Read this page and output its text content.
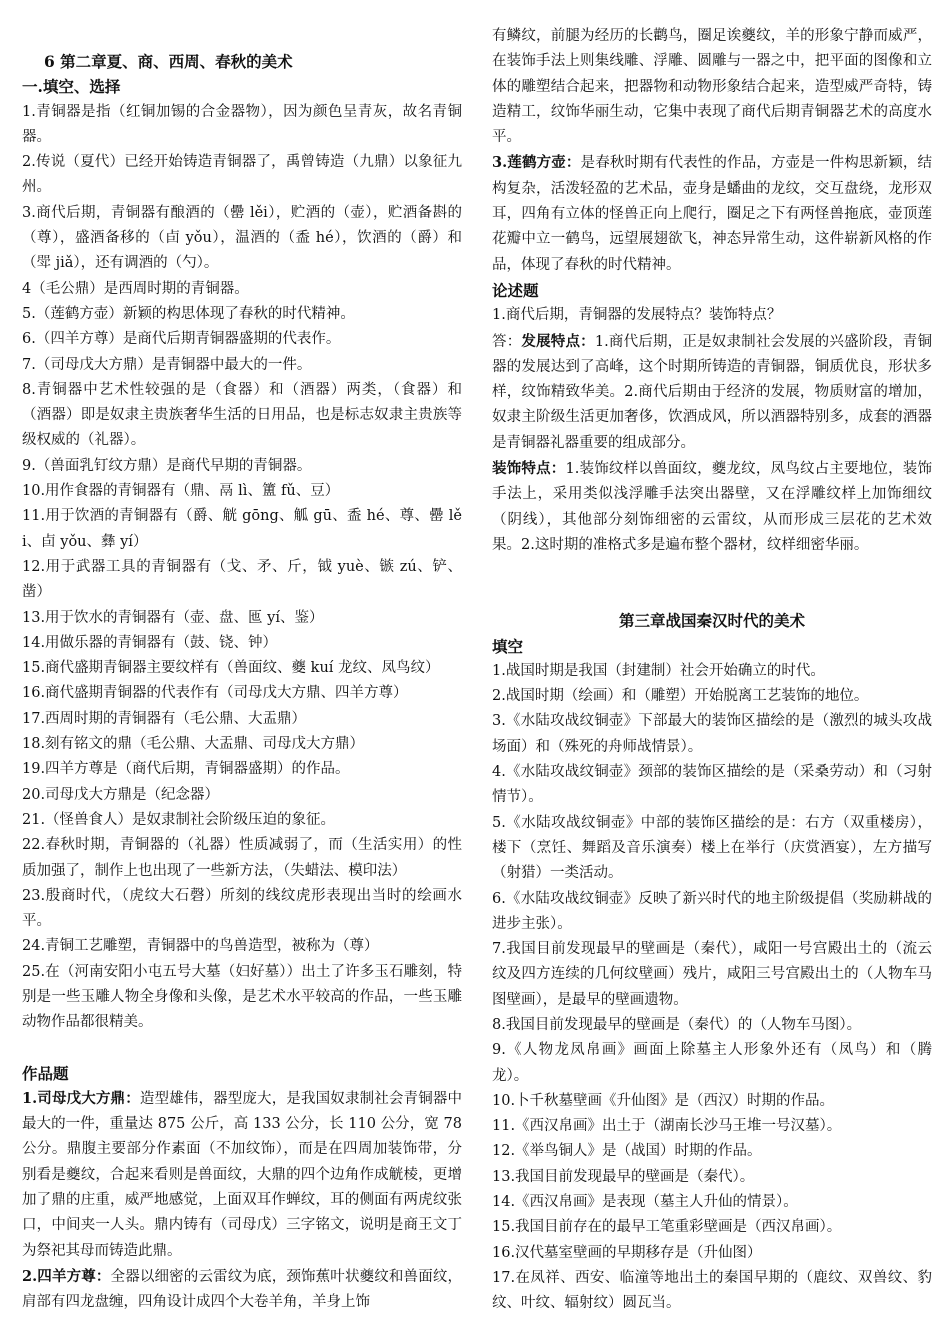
6 第二章夏、商、西周、春秋的美术

一.填空、选择

1.青铜器是指（红铜加锡的合金器物），因为颜色呈青灰，故名青铜器。

2.传说（夏代）已经开始铸造青铜器了，禹曾铸造（九鼎）以象征九州。

3.商代后期，青铜器有酿酒的（罍 lěi），贮酒的（壶），贮酒备斟的（尊），盛酒备移的（卣 yǒu），温酒的（盉 hé），饮酒的（爵）和（斝 jiǎ），还有调酒的（勺）。

4（毛公鼎）是西周时期的青铜器。

5.（莲鹤方壶）新颖的构思体现了春秋的时代精神。

6.（四羊方尊）是商代后期青铜器盛期的代表作。

7.（司母戊大方鼎）是青铜器中最大的一件。

8.青铜器中艺术性较强的是（食器）和（酒器）两类，（食器）和（酒器）即是奴隶主贵族奢华生活的日用品，也是标志奴隶主贵族等级权威的（礼器）。

9.（兽面乳钉纹方鼎）是商代早期的青铜器。

10.用作食器的青铜器有（鼎、鬲 lì、簠 fǔ、豆）

11.用于饮酒的青铜器有（爵、觥 gōng、觚 gū、盉 hé、尊、罍 lěi、卣 yǒu、彝 yí）

12.用于武器工具的青铜器有（戈、矛、斤，钺 yuè、镞 zú、铲、凿）

13.用于饮水的青铜器有（壶、盘、匜 yí、鉴）

14.用做乐器的青铜器有（鼓、铙、钟）

15.商代盛期青铜器主要纹样有（兽面纹、夔 kuí 龙纹、凤鸟纹）

16.商代盛期青铜器的代表作有（司母戊大方鼎、四羊方尊）

17.西周时期的青铜器有（毛公鼎、大盂鼎）

18.刻有铭文的鼎（毛公鼎、大盂鼎、司母戊大方鼎）

19.四羊方尊是（商代后期，青铜器盛期）的作品。

20.司母戊大方鼎是（纪念器）

21.（怪兽食人）是奴隶制社会阶级压迫的象征。

22.春秋时期，青铜器的（礼器）性质减弱了，而（生活实用）的性质加强了，制作上也出现了一些新方法，（失蜡法、模印法）

23.殷商时代，（虎纹大石磬）所刻的线纹虎形表现出当时的绘画水平。

24.青铜工艺雕塑，青铜器中的鸟兽造型，被称为（尊）

25.在（河南安阳小屯五号大墓（妇好墓））出土了许多玉石雕刻，特别是一些玉雕人物全身像和头像，是艺术水平较高的作品，一些玉雕动物作品都很精美。

作品题

1.司母戊大方鼎：造型雄伟，器型庞大，是我国奴隶制社会青铜器中最大的一件，重量达 875 公斤，高 133 公分，长 110 公分，宽 78 公分。鼎腹主要部分作素面（不加纹饰），而是在四周加装饰带，分别看是夔纹，合起来看则是兽面纹，大鼎的四个边角作成觥棱，更增加了鼎的庄重，威严地感觉，上面双耳作蝉纹，耳的侧面有两虎纹张口，中间夹一人头。鼎内铸有（司母戊）三字铭文，说明是商王文丁为祭祀其母而铸造此鼎。

2.四羊方尊：全器以细密的云雷纹为底，颈饰蕉叶状夔纹和兽面纹，肩部有四龙盘缠，四角设计成四个大卷羊角，羊身上饰

有鳞纹，前腿为经历的长鹳鸟，圈足诶夔纹，羊的形象宁静而威严，在装饰手法上则集线雕、浮雕、圆雕与一器之中，把平面的图像和立体的雕塑结合起来，把器物和动物形象结合起来，造型威严奇特，铸造精工，纹饰华丽生动，它集中表现了商代后期青铜器艺术的高度水平。

3.莲鹤方壶：是春秋时期有代表性的作品，方壶是一件构思新颖，结构复杂，活泼轻盈的艺术品，壶身是蟠曲的龙纹，交互盘绕，龙形双耳，四角有立体的怪兽正向上爬行，圈足之下有两怪兽拖底，壶顶莲花瓣中立一鹤鸟，远望展翅欲飞，神态异常生动，这件崭新风格的作品，体现了春秋的时代精神。

论述题

1.商代后期，青铜器的发展特点？装饰特点？

答：发展特点：1.商代后期，正是奴隶制社会发展的兴盛阶段，青铜器的发展达到了高峰，这个时期所铸造的青铜器，铜质优良，形状多样，纹饰精致华美。2.商代后期由于经济的发展，物质财富的增加，奴隶主阶级生活更加奢侈，饮酒成风，所以酒器特别多，成套的酒器是青铜器礼器重要的组成部分。

装饰特点：1.装饰纹样以兽面纹，夔龙纹，凤鸟纹占主要地位，装饰手法上，采用类似浅浮雕手法突出器壁，又在浮雕纹样上加饰细纹（阴线），其他部分刻饰细密的云雷纹，从而形成三层花的艺术效果。2.这时期的准格式多是遍布整个器材，纹样细密华丽。

第三章战国秦汉时代的美术

填空

1.战国时期是我国（封建制）社会开始确立的时代。

2.战国时期（绘画）和（雕塑）开始脱离工艺装饰的地位。

3.《水陆攻战纹铜壶》下部最大的装饰区描绘的是（激烈的城头攻战场面）和（殊死的舟师战情景）。

4.《水陆攻战纹铜壶》颈部的装饰区描绘的是（采桑劳动）和（习射情节）。

5.《水陆攻战纹铜壶》中部的装饰区描绘的是：右方（双重楼房），楼下（烹饪、舞蹈及音乐演奏）楼上在举行（庆赏酒宴），左方描写（射猎）一类活动。

6.《水陆攻战纹铜壶》反映了新兴时代的地主阶级提倡（奖励耕战的进步主张）。

7.我国目前发现最早的壁画是（秦代），咸阳一号宫殿出土的（流云纹及四方连续的几何纹壁画）残片，咸阳三号宫殿出土的（人物车马图壁画），是最早的壁画遗物。

8.我国目前发现最早的壁画是（秦代）的（人物车马图）。

9.《人物龙凤帛画》画面上除墓主人形象外还有（凤鸟）和（腾龙）。

10.卜千秋墓壁画《升仙图》是（西汉）时期的作品。

11.《西汉帛画》出土于（湖南长沙马王堆一号汉墓）。

12.《举鸟铜人》是（战国）时期的作品。

13.我国目前发现最早的壁画是（秦代）。

14.《西汉帛画》是表现（墓主人升仙的情景）。

15.我国目前存在的最早工笔重彩壁画是（西汉帛画）。

16.汉代墓室壁画的早期移存是（升仙图）

17.在凤祥、西安、临潼等地出土的秦国早期的（鹿纹、双兽纹、豹纹、叶纹、辐射纹）圆瓦当。
